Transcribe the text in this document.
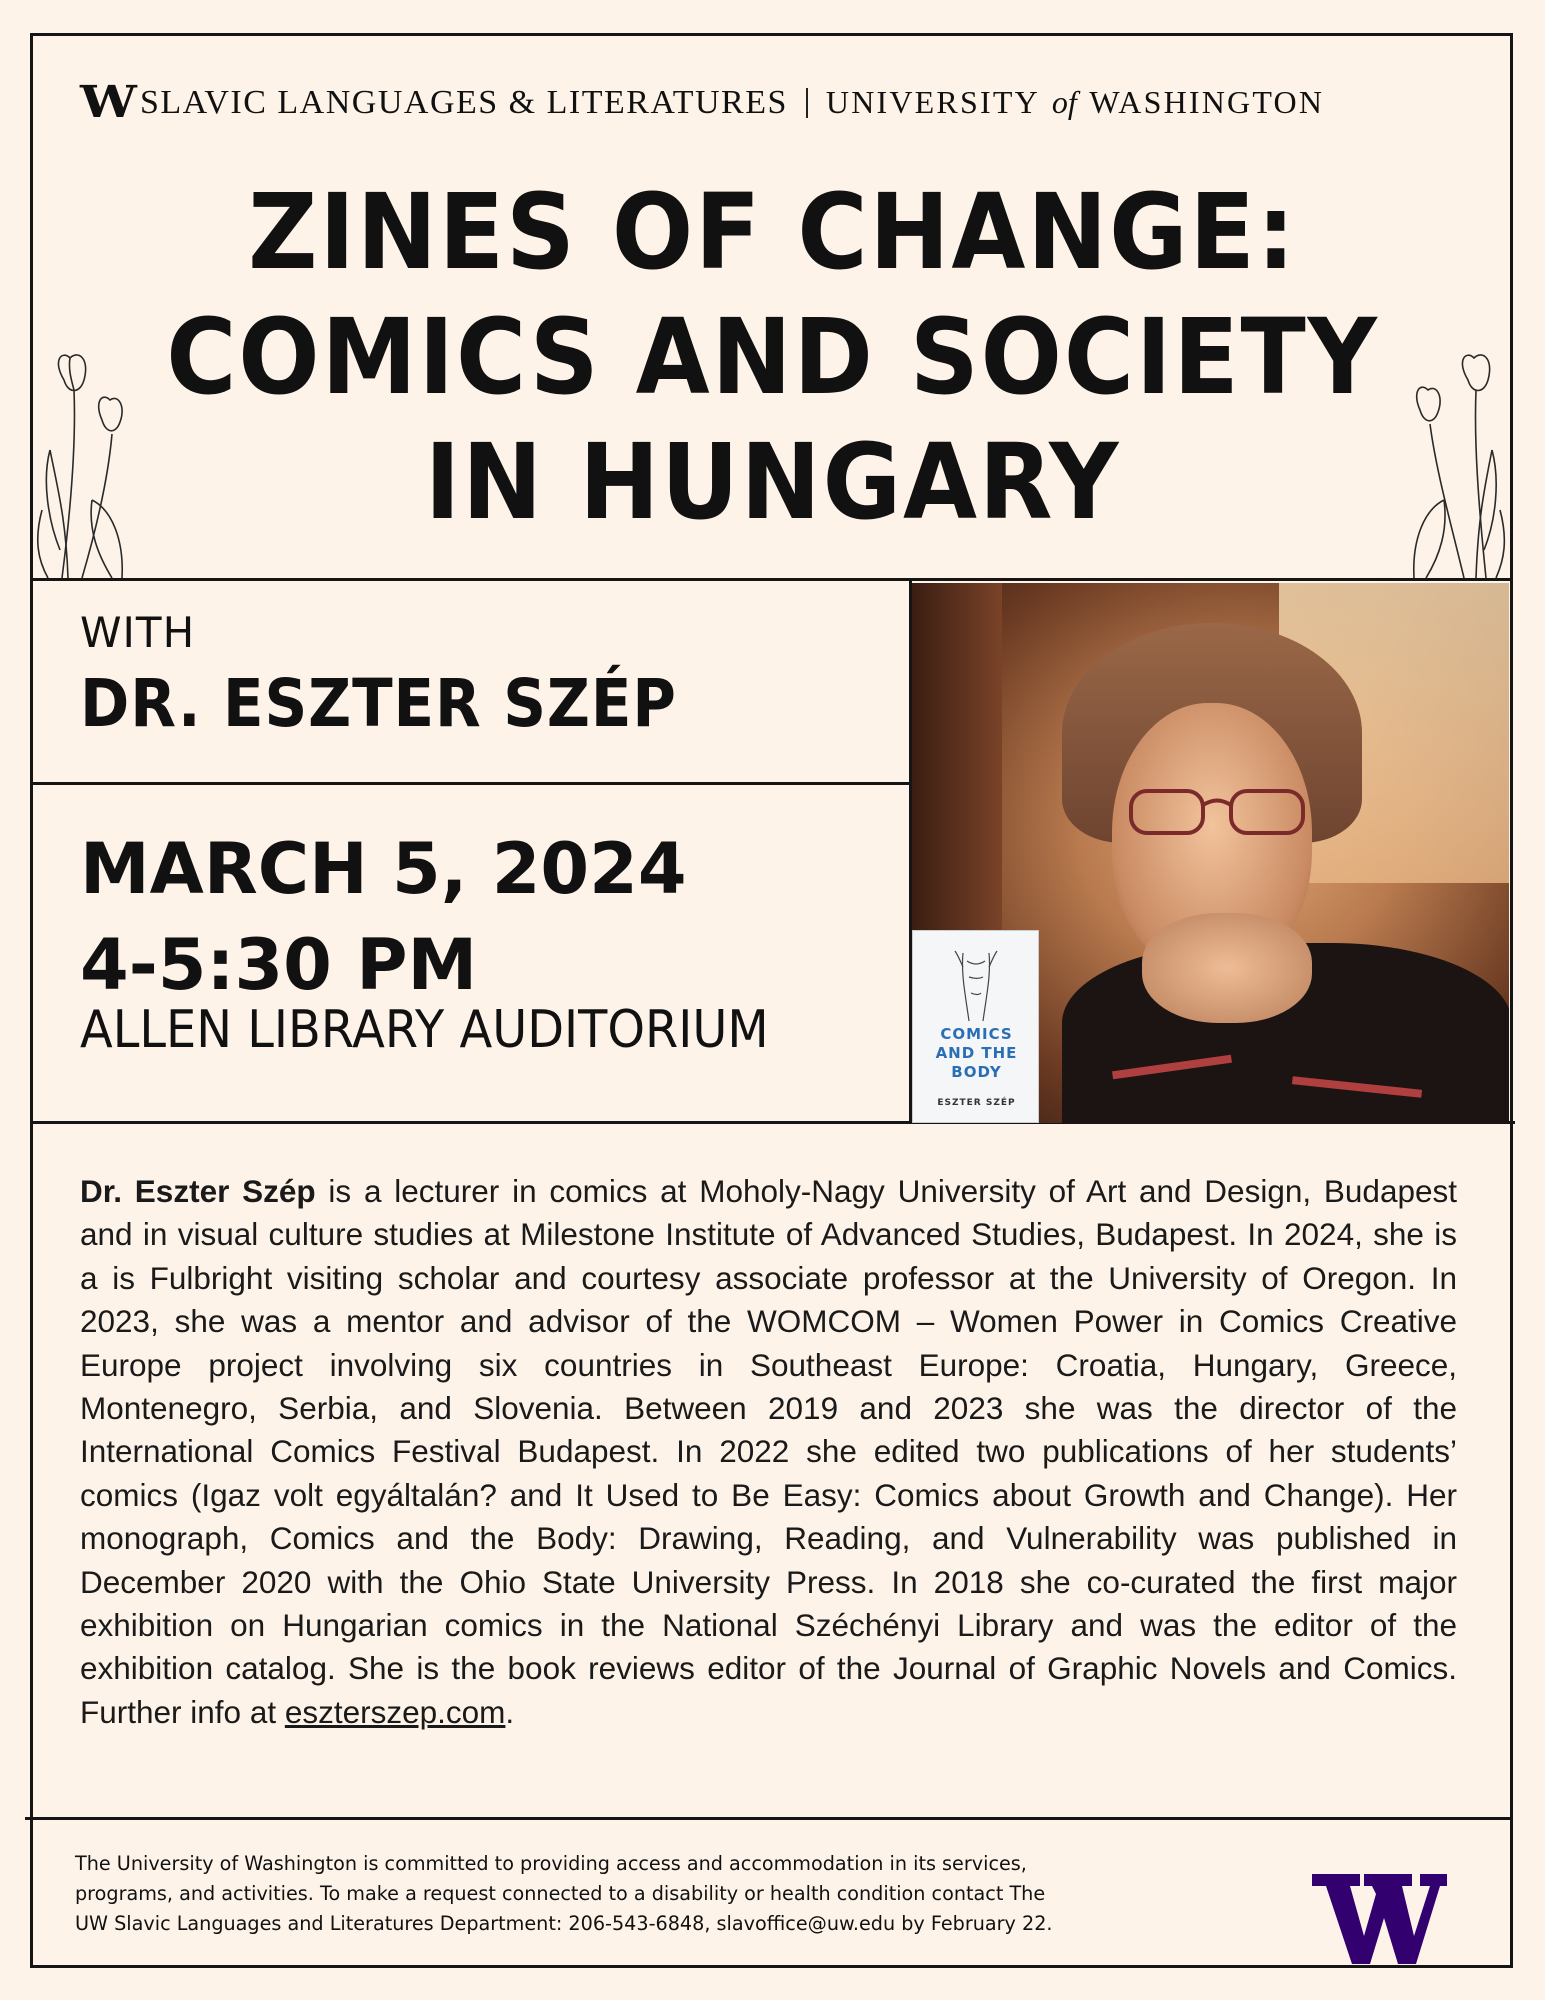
W SLAVIC LANGUAGES & LITERATURES UNIVERSITY of WASHINGTON
ZINES OF CHANGE:
COMICS AND SOCIETY
IN HUNGARY
WITH
DR. ESZTER SZÉP
MARCH 5, 2024
4-5:30 PM
ALLEN LIBRARY AUDITORIUM	COMICS
AND THE
BODY
ESZTER SZÉP
Dr. Eszter Szép is a lecturer in comics at Moholy-Nagy University of Art and Design, Budapest and in visual culture studies at Milestone Institute of Advanced Studies, Budapest. In 2024, she is a is Fulbright visiting scholar and courtesy associate professor at the University of Oregon. In 2023, she was a mentor and advisor of the WOMCOM – Women Power in Comics Creative Europe project involving six countries in Southeast Europe: Croatia, Hungary, Greece, Montenegro, Serbia, and Slovenia. Between 2019 and 2023 she was the director of the International Comics Festival Budapest. In 2022 she edited two publications of her students’ comics (Igaz volt egyáltalán? and It Used to Be Easy: Comics about Growth and Change). Her monograph, Comics and the Body: Drawing, Reading, and Vulnerability was published in December 2020 with the Ohio State University Press. In 2018 she co-curated the first major exhibition on Hungarian comics in the National Széchényi Library and was the editor of the exhibition catalog. She is the book reviews editor of the Journal of Graphic Novels and Comics. Further info at eszterszep.com.
The University of Washington is committed to providing access and accommodation in its services,
programs, and activities. To make a request connected to a disability or health condition contact The
UW Slavic Languages and Literatures Department: 206-543-6848, slavoffice@uw.edu by February 22.
